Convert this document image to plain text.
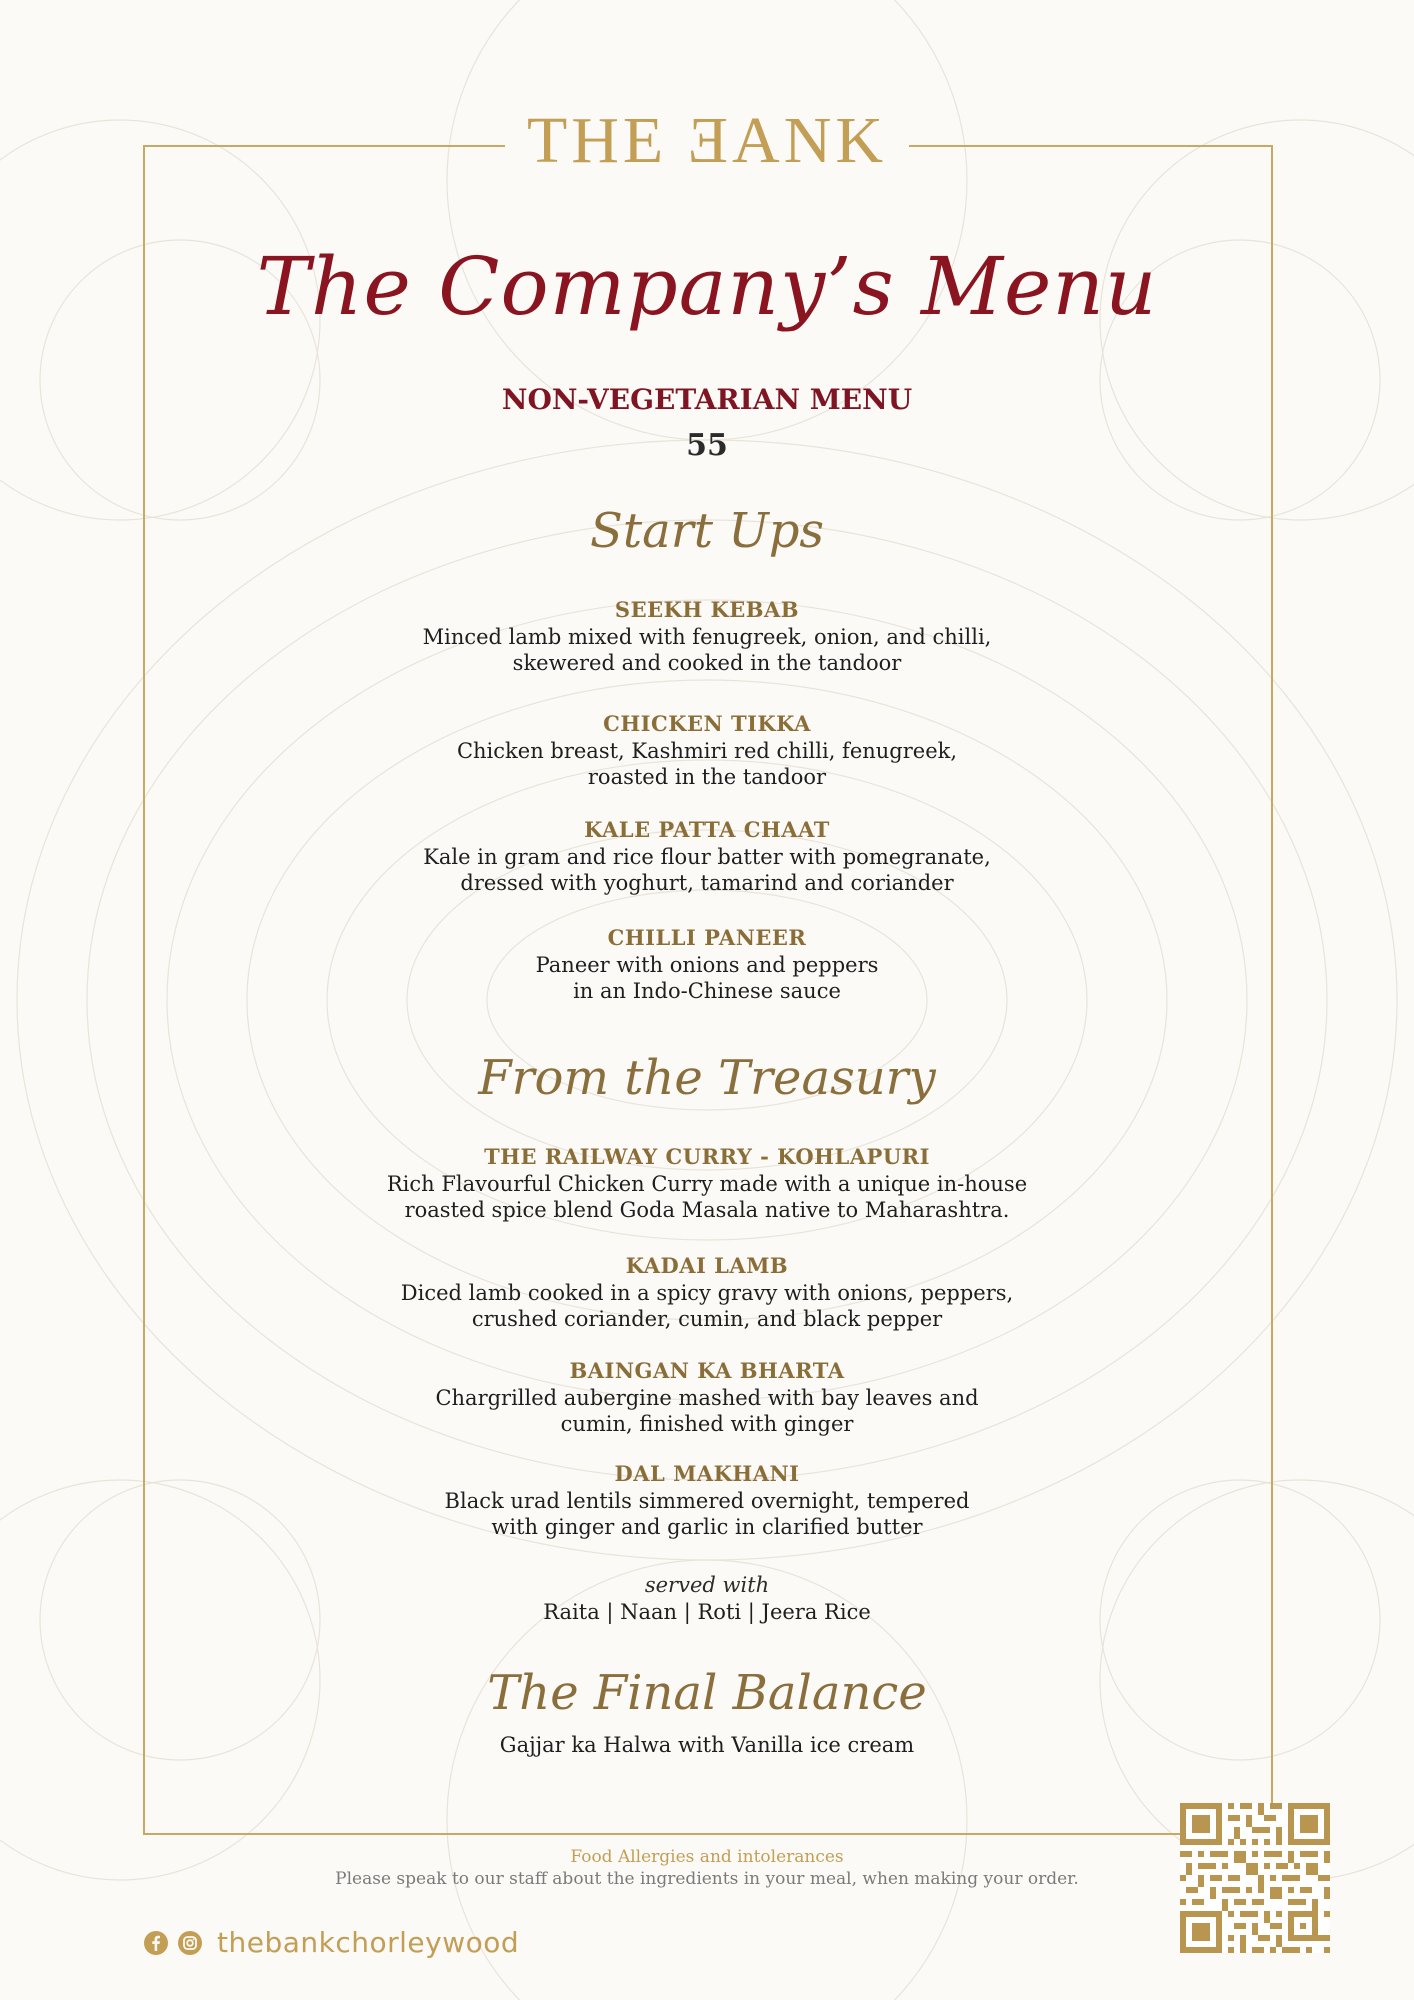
THE ƎANK
The Company’s Menu
NON-VEGETARIAN MENU
55
Start Ups
SEEKH KEBAB
Minced lamb mixed with fenugreek, onion, and chilli,
skewered and cooked in the tandoor
CHICKEN TIKKA
Chicken breast, Kashmiri red chilli, fenugreek,
roasted in the tandoor
KALE PATTA CHAAT
Kale in gram and rice flour batter with pomegranate,
dressed with yoghurt, tamarind and coriander
CHILLI PANEER
Paneer with onions and peppers
in an Indo-Chinese sauce
From the Treasury
THE RAILWAY CURRY - KOHLAPURI
Rich Flavourful Chicken Curry made with a unique in-house
roasted spice blend Goda Masala native to Maharashtra.
KADAI LAMB
Diced lamb cooked in a spicy gravy with onions, peppers,
crushed coriander, cumin, and black pepper
BAINGAN KA BHARTA
Chargrilled aubergine mashed with bay leaves and
cumin, finished with ginger
DAL MAKHANI
Black urad lentils simmered overnight, tempered
with ginger and garlic in clarified butter
served with
Raita | Naan | Roti | Jeera Rice
The Final Balance
Gajjar ka Halwa with Vanilla ice cream
Food Allergies and intolerances
Please speak to our staff about the ingredients in your meal, when making your order.
thebankchorleywood
